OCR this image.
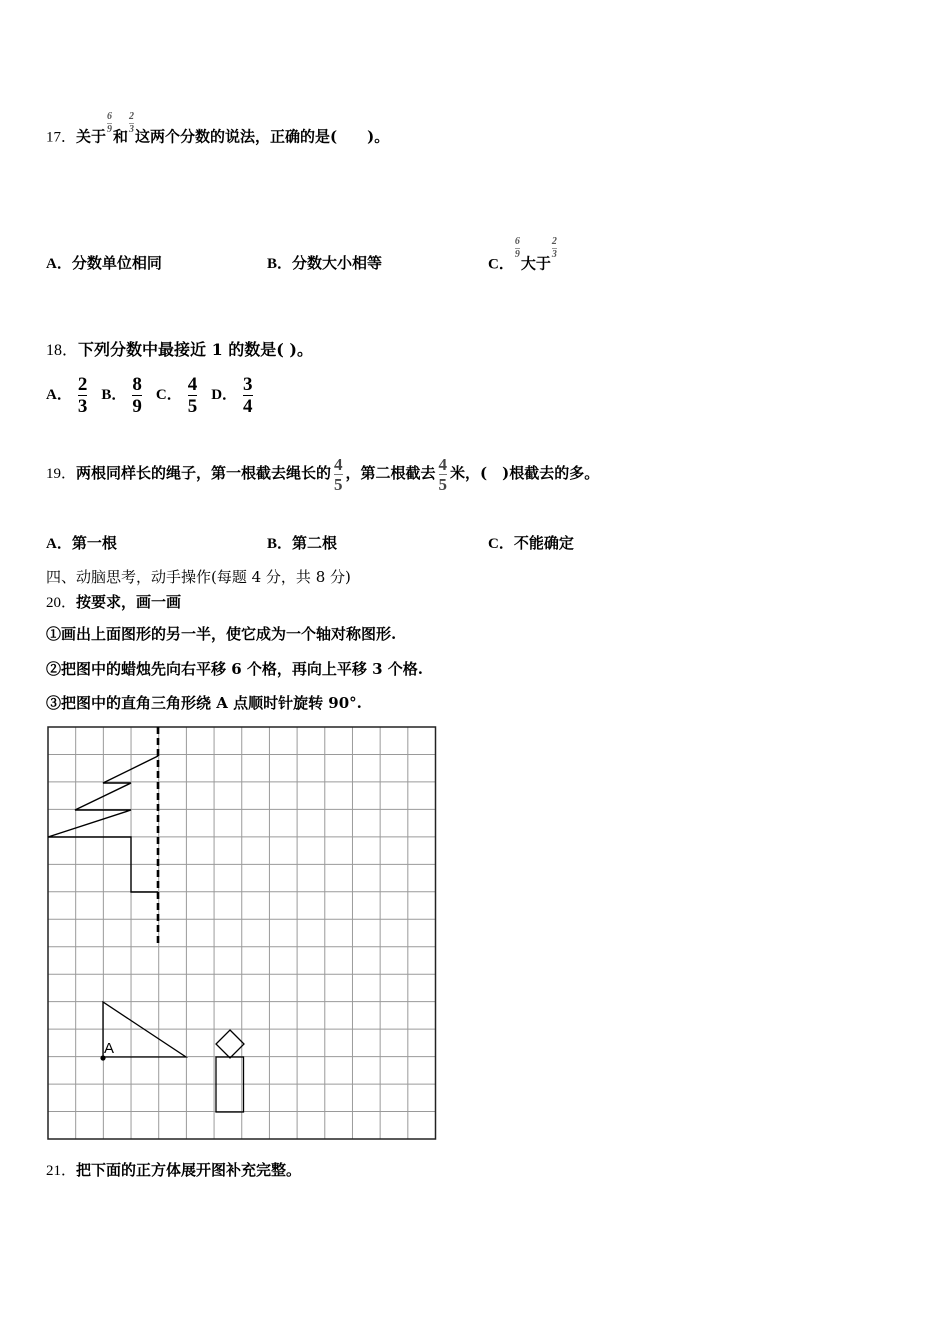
17．关于
$\frac{6}{9}$
和
$\frac{2}{3}$
这两个分数的说法，正确的是(　　)。
A．分数单位相同	B．分数大小相等	C．
$\frac{6}{9}$
大于
$\frac{2}{3}$
18．下列分数中最接近 1 的数是( )。
A． $\frac{2}{3}$ B． $\frac{8}{9}$ C． $\frac{4}{5}$ D． $\frac{3}{4}$
19．两根同样长的绳子，第一根截去绳长的 $\frac{4}{5}$ ，第二根截去 $\frac{4}{5}$ 米，(　)根截去的多。
A．第一根	B．第二根	C．不能确定
四、动脑思考，动手操作(每题 4 分，共 8 分)
20．按要求，画一画
①画出上面图形的另一半，使它成为一个轴对称图形.
②把图中的蜡烛先向右平移 6 个格，再向上平移 3 个格.
③把图中的直角三角形绕 A 点顺时针旋转 90°.
A
21．把下面的正方体展开图补充完整。
